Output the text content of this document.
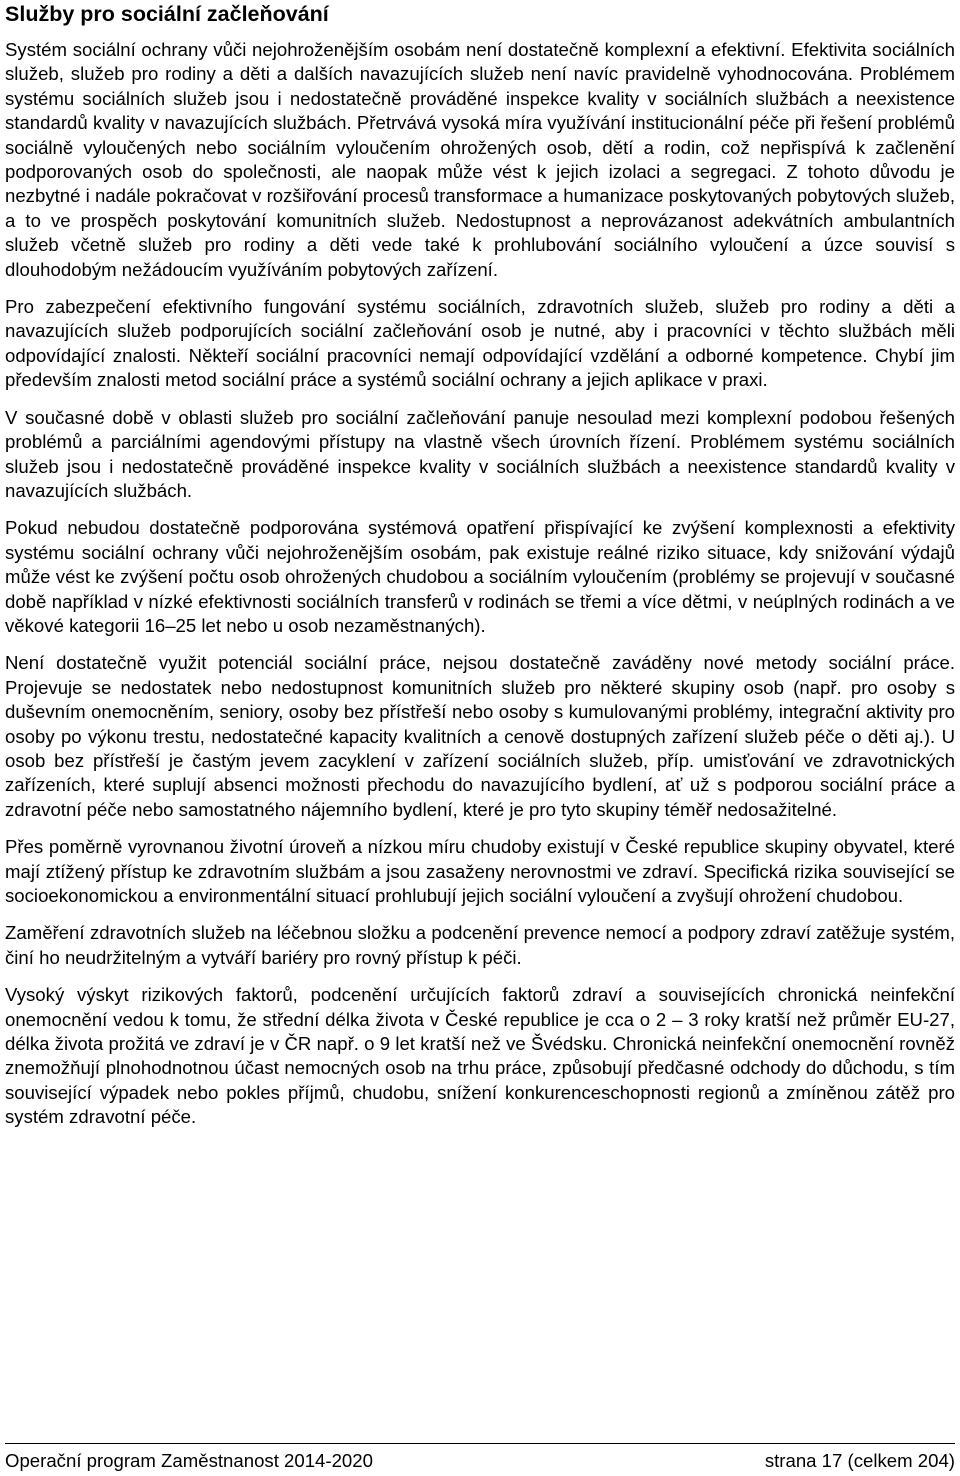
Služby pro sociální začleňování

Systém sociální ochrany vůči nejohroženějším osobám není dostatečně komplexní a efektivní. Efektivita sociálních služeb, služeb pro rodiny a děti a dalších navazujících služeb není navíc pravidelně vyhodnocována. Problémem systému sociálních služeb jsou i nedostatečně prováděné inspekce kvality v sociálních službách a neexistence standardů kvality v navazujících službách. Přetrvává vysoká míra využívání institucionální péče při řešení problémů sociálně vyloučených nebo sociálním vyloučením ohrožených osob, dětí a rodin, což nepřispívá k začlenění podporovaných osob do společnosti, ale naopak může vést k jejich izolaci a segregaci. Z tohoto důvodu je nezbytné i nadále pokračovat v rozšiřování procesů transformace a humanizace poskytovaných pobytových služeb, a to ve prospěch poskytování komunitních služeb. Nedostupnost a neprovázanost adekvátních ambulantních služeb včetně služeb pro rodiny a děti vede také k prohlubování sociálního vyloučení a úzce souvisí s dlouhodobým nežádoucím využíváním pobytových zařízení.

Pro zabezpečení efektivního fungování systému sociálních, zdravotních služeb, služeb pro rodiny a děti a navazujících služeb podporujících sociální začleňování osob je nutné, aby i pracovníci v těchto službách měli odpovídající znalosti. Někteří sociální pracovníci nemají odpovídající vzdělání a odborné kompetence. Chybí jim především znalosti metod sociální práce a systémů sociální ochrany a jejich aplikace v praxi.

V současné době v oblasti služeb pro sociální začleňování panuje nesoulad mezi komplexní podobou řešených problémů a parciálními agendovými přístupy na vlastně všech úrovních řízení. Problémem systému sociálních služeb jsou i nedostatečně prováděné inspekce kvality v sociálních službách a neexistence standardů kvality v navazujících službách.

Pokud nebudou dostatečně podporována systémová opatření přispívající ke zvýšení komplexnosti a efektivity systému sociální ochrany vůči nejohroženějším osobám, pak existuje reálné riziko situace, kdy snižování výdajů může vést ke zvýšení počtu osob ohrožených chudobou a sociálním vyloučením (problémy se projevují v současné době například v nízké efektivnosti sociálních transferů v rodinách se třemi a více dětmi, v neúplných rodinách a ve věkové kategorii 16–25 let nebo u osob nezaměstnaných).

Není dostatečně využit potenciál sociální práce, nejsou dostatečně zaváděny nové metody sociální práce. Projevuje se nedostatek nebo nedostupnost komunitních služeb pro některé skupiny osob (např. pro osoby s duševním onemocněním, seniory, osoby bez přístřeší nebo osoby s kumulovanými problémy, integrační aktivity pro osoby po výkonu trestu, nedostatečné kapacity kvalitních a cenově dostupných zařízení služeb péče o děti aj.). U osob bez přístřeší je častým jevem zacyklení v zařízení sociálních služeb, příp. umisťování ve zdravotnických zařízeních, které suplují absenci možnosti přechodu do navazujícího bydlení, ať už s podporou sociální práce a zdravotní péče nebo samostatného nájemního bydlení, které je pro tyto skupiny téměř nedosažitelné.

Přes poměrně vyrovnanou životní úroveň a nízkou míru chudoby existují v České republice skupiny obyvatel, které mají ztížený přístup ke zdravotním službám a jsou zasaženy nerovnostmi ve zdraví. Specifická rizika související se socioekonomickou a environmentální situací prohlubují jejich sociální vyloučení a zvyšují ohrožení chudobou.

Zaměření zdravotních služeb na léčebnou složku a podcenění prevence nemocí a podpory zdraví zatěžuje systém, činí ho neudržitelným a vytváří bariéry pro rovný přístup k péči.

Vysoký výskyt rizikových faktorů, podcenění určujících faktorů zdraví a souvisejících chronická neinfekční onemocnění vedou k tomu, že střední délka života v České republice je cca o 2 – 3 roky kratší než průměr EU-27, délka života prožitá ve zdraví je v ČR např. o 9 let kratší než ve Švédsku. Chronická neinfekční onemocnění rovněž znemožňují plnohodnotnou účast nemocných osob na trhu práce, způsobují předčasné odchody do důchodu, s tím související výpadek nebo pokles příjmů, chudobu, snížení konkurenceschopnosti regionů a zmíněnou zátěž pro systém zdravotní péče.

Operační program Zaměstnanost 2014-2020	strana 17 (celkem 204)
